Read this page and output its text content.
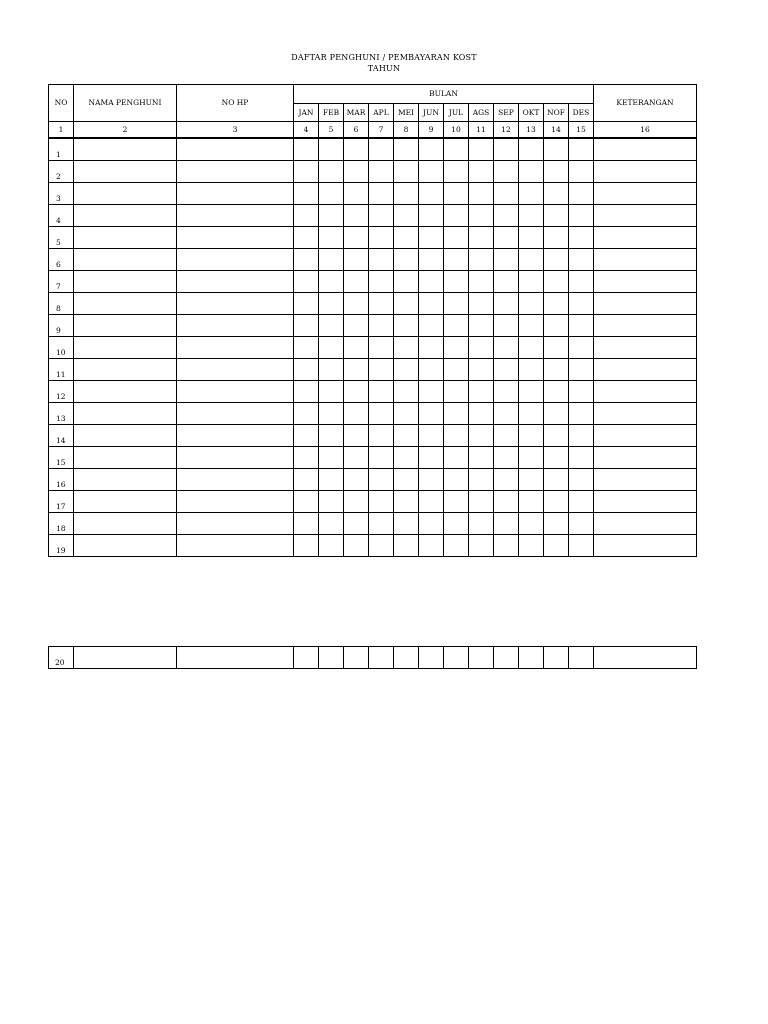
DAFTAR PENGHUNI / PEMBAYARAN KOST
TAHUN
NO	NAMA PENGHUNI	NO HP	BULAN												KETERANGAN
			JAN	FEB	MAR	APL	MEI	JUN	JUL	AGS	SEP	OKT	NOF	DES	
1	2	3	4	5	6	7	8	9	10	11	12	13	14	15	16
1															
2															
3															
4															
5															
6															
7															
8															
9															
10															
11															
12															
13															
14															
15															
16															
17															
18															
19															
20															
